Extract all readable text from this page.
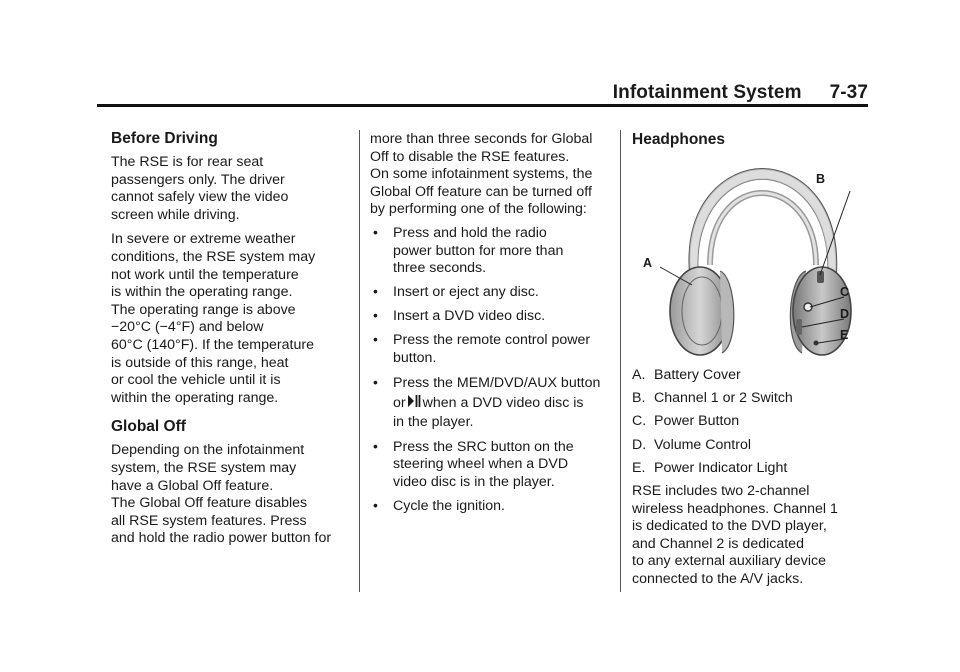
Infotainment System 7-37
Before Driving

The RSE is for rear seat
passengers only. The driver
cannot safely view the video
screen while driving.

In severe or extreme weather
conditions, the RSE system may
not work until the temperature
is within the operating range.
The operating range is above
−20°C (−4°F) and below
60°C (140°F). If the temperature
is outside of this range, heat
or cool the vehicle until it is
within the operating range.

Global Off

Depending on the infotainment
system, the RSE system may
have a Global Off feature.
The Global Off feature disables
all RSE system features. Press
and hold the radio power button for

more than three seconds for Global
Off to disable the RSE features.
On some infotainment systems, the
Global Off feature can be turned off
by performing one of the following:

• Press and hold the radio
power button for more than
three seconds.
• Insert or eject any disc.
• Insert a DVD video disc.
• Press the remote control power
button.
• Press the MEM/DVD/AUX button
or when a DVD video disc is
in the player.
• Press the SRC button on the
steering wheel when a DVD
video disc is in the player.
• Cycle the ignition.
Headphones
A
B
C
D
E
A. Battery Cover
B. Channel 1 or 2 Switch
C. Power Button
D. Volume Control
E. Power Indicator Light

RSE includes two 2-channel
wireless headphones. Channel 1
is dedicated to the DVD player,
and Channel 2 is dedicated
to any external auxiliary device
connected to the A/V jacks.
